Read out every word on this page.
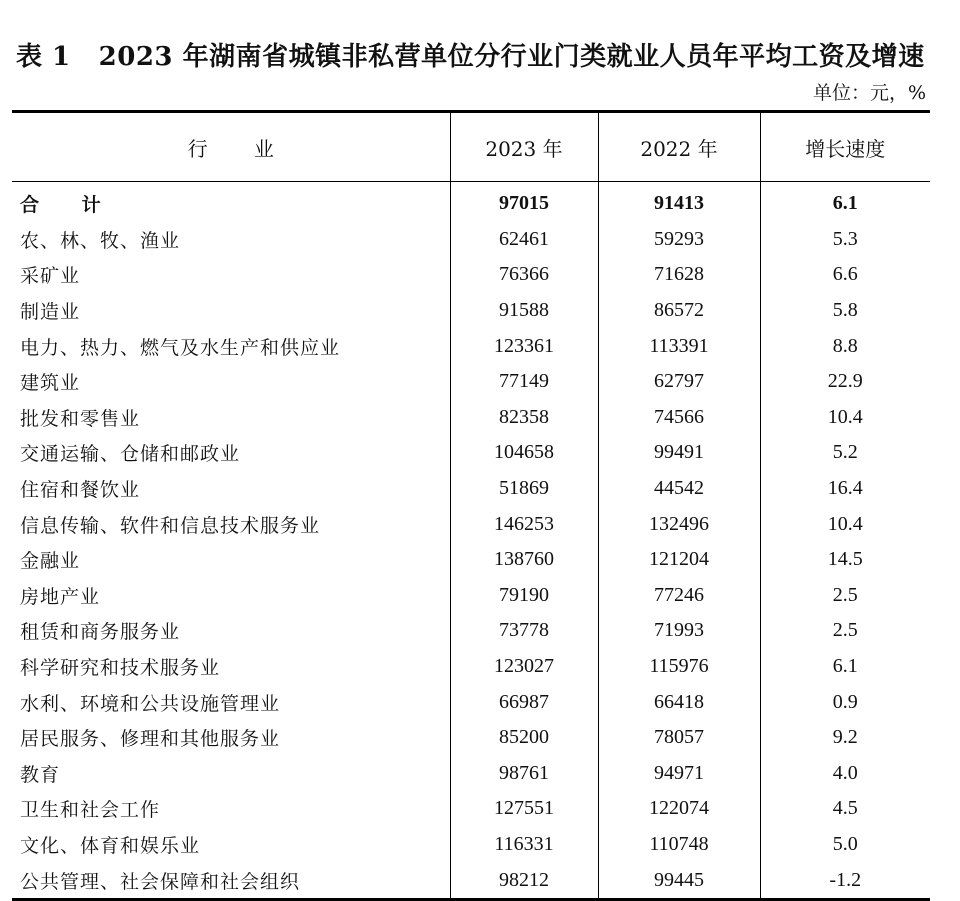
表 1 2023 年湖南省城镇非私营单位分行业门类就业人员年平均工资及增速
单位：元，%
行 业	2023 年	2022 年	增长速度
合 计	97015	91413	6.1
农、林、牧、渔业	62461	59293	5.3
采矿业	76366	71628	6.6
制造业	91588	86572	5.8
电力、热力、燃气及水生产和供应业	123361	113391	8.8
建筑业	77149	62797	22.9
批发和零售业	82358	74566	10.4
交通运输、仓储和邮政业	104658	99491	5.2
住宿和餐饮业	51869	44542	16.4
信息传输、软件和信息技术服务业	146253	132496	10.4
金融业	138760	121204	14.5
房地产业	79190	77246	2.5
租赁和商务服务业	73778	71993	2.5
科学研究和技术服务业	123027	115976	6.1
水利、环境和公共设施管理业	66987	66418	0.9
居民服务、修理和其他服务业	85200	78057	9.2
教育	98761	94971	4.0
卫生和社会工作	127551	122074	4.5
文化、体育和娱乐业	116331	110748	5.0
公共管理、社会保障和社会组织	98212	99445	-1.2
